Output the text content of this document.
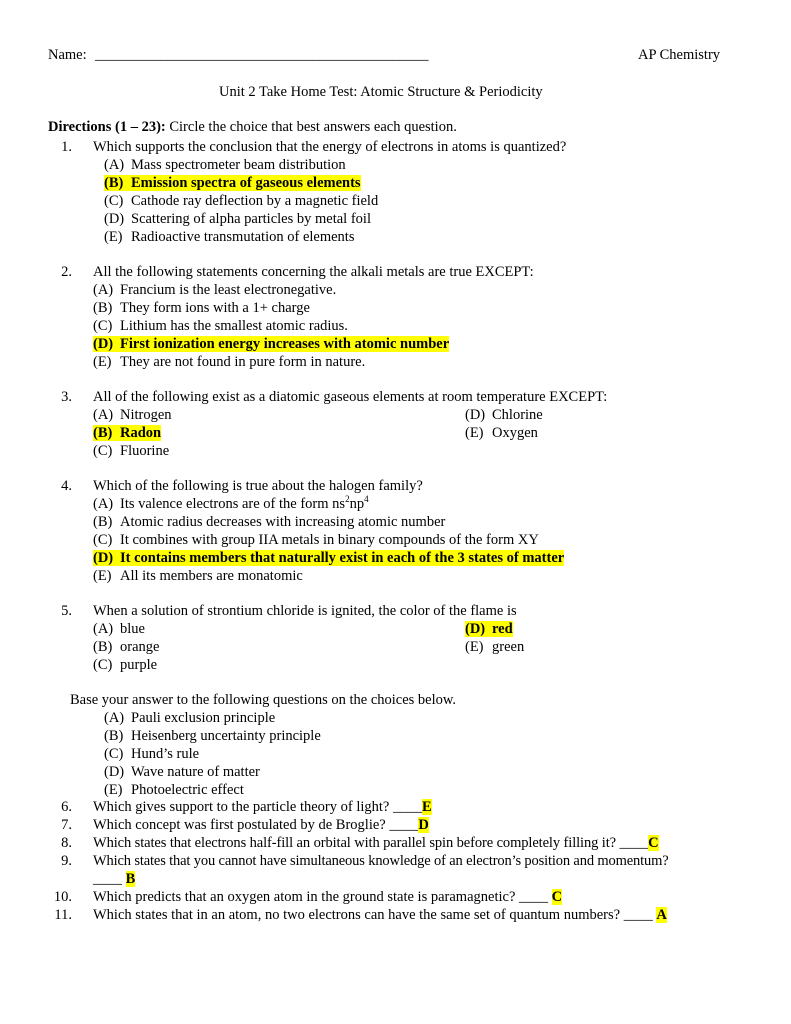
Name: ______________________________________________	AP Chemistry
Unit 2 Take Home Test: Atomic Structure & Periodicity
Directions (1 – 23): Circle the choice that best answers each question.
1. Which supports the conclusion that the energy of electrons in atoms is quantized?
(A) Mass spectrometer beam distribution
(B) Emission spectra of gaseous elements
(C) Cathode ray deflection by a magnetic field
(D) Scattering of alpha particles by metal foil
(E) Radioactive transmutation of elements
2. All the following statements concerning the alkali metals are true EXCEPT:
(A) Francium is the least electronegative.
(B) They form ions with a 1+ charge
(C) Lithium has the smallest atomic radius.
(D) First ionization energy increases with atomic number
(E) They are not found in pure form in nature.
3. All of the following exist as a diatomic gaseous elements at room temperature EXCEPT:
(A) Nitrogen
(B) Radon
(C) Fluorine
(D) Chlorine
(E) Oxygen
4. Which of the following is true about the halogen family?
(A) Its valence electrons are of the form $ns^2np^4$
(B) Atomic radius decreases with increasing atomic number
(C) It combines with group IIA metals in binary compounds of the form XY
(D) It contains members that naturally exist in each of the 3 states of matter
(E) All its members are monatomic
5. When a solution of strontium chloride is ignited, the color of the flame is
(A) blue
(B) orange
(C) purple
(D) red
(E) green
Base your answer to the following questions on the choices below.
(A) Pauli exclusion principle
(B) Heisenberg uncertainty principle
(C) Hund’s rule
(D) Wave nature of matter
(E) Photoelectric effect
6. Which gives support to the particle theory of light? ____E
7. Which concept was first postulated by de Broglie? ____D
8. Which states that electrons half-fill an orbital with parallel spin before completely filling it? ____C
9. Which states that you cannot have simultaneous knowledge of an electron’s position and momentum?
____ B
10. Which predicts that an oxygen atom in the ground state is paramagnetic? ____ C
11. Which states that in an atom, no two electrons can have the same set of quantum numbers? ____ A
